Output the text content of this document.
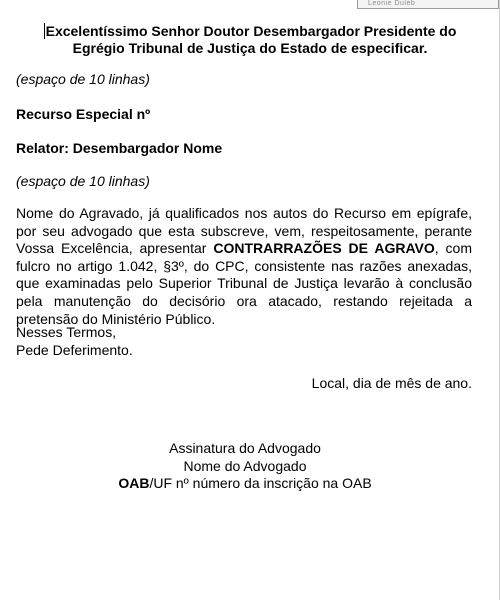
Leonie Duleb
Excelentíssimo Senhor Doutor Desembargador Presidente do Egrégio Tribunal de Justiça do Estado de especificar.
(espaço de 10 linhas)
Recurso Especial nº
Relator: Desembargador Nome
(espaço de 10 linhas)
Nome do Agravado, já qualificados nos autos do Recurso em epígrafe, por seu advogado que esta subscreve, vem, respeitosamente, perante Vossa Excelência, apresentar CONTRARRAZÕES DE AGRAVO, com fulcro no artigo 1.042, §3º, do CPC, consistente nas razões anexadas, que examinadas pelo Superior Tribunal de Justiça levarão à conclusão pela manutenção do decisório ora atacado, restando rejeitada a pretensão do Ministério Público.
Nesses Termos,
Pede Deferimento.
Local, dia de mês de ano.
Assinatura do Advogado
Nome do Advogado
OAB/UF nº número da inscrição na OAB
